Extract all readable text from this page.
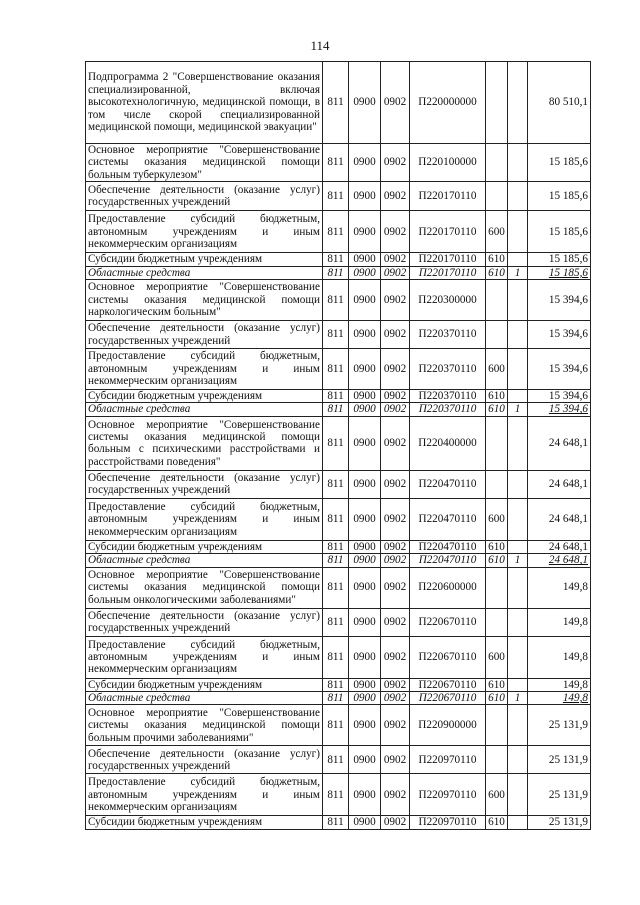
114
Подпрограмма 2 "Совершенствование оказания специализированной, включая высокотехнологичную, медицинской помощи, в том числе скорой специализированной медицинской помощи, медицинской эвакуации"	811	0900	0902	П220000000			80 510,1
Основное мероприятие "Совершенствование системы оказания медицинской помощи больным туберкулезом"	811	0900	0902	П220100000			15 185,6
Обеспечение деятельности (оказание услуг) государственных учреждений	811	0900	0902	П220170110			15 185,6
Предоставление субсидий бюджетным, автономным учреждениям и иным некоммерческим организациям	811	0900	0902	П220170110	600		15 185,6
Субсидии бюджетным учреждениям	811	0900	0902	П220170110	610		15 185,6
Областные средства	811	0900	0902	П220170110	610	1	15 185,6
Основное мероприятие "Совершенствование системы оказания медицинской помощи наркологическим больным"	811	0900	0902	П220300000			15 394,6
Обеспечение деятельности (оказание услуг) государственных учреждений	811	0900	0902	П220370110			15 394,6
Предоставление субсидий бюджетным, автономным учреждениям и иным некоммерческим организациям	811	0900	0902	П220370110	600		15 394,6
Субсидии бюджетным учреждениям	811	0900	0902	П220370110	610		15 394,6
Областные средства	811	0900	0902	П220370110	610	1	15 394,6
Основное мероприятие "Совершенствование системы оказания медицинской помощи больным с психическими расстройствами и расстройствами поведения"	811	0900	0902	П220400000			24 648,1
Обеспечение деятельности (оказание услуг) государственных учреждений	811	0900	0902	П220470110			24 648,1
Предоставление субсидий бюджетным, автономным учреждениям и иным некоммерческим организациям	811	0900	0902	П220470110	600		24 648,1
Субсидии бюджетным учреждениям	811	0900	0902	П220470110	610		24 648,1
Областные средства	811	0900	0902	П220470110	610	1	24 648,1
Основное мероприятие "Совершенствование системы оказания медицинской помощи больным онкологическими заболеваниями"	811	0900	0902	П220600000			149,8
Обеспечение деятельности (оказание услуг) государственных учреждений	811	0900	0902	П220670110			149,8
Предоставление субсидий бюджетным, автономным учреждениям и иным некоммерческим организациям	811	0900	0902	П220670110	600		149,8
Субсидии бюджетным учреждениям	811	0900	0902	П220670110	610		149,8
Областные средства	811	0900	0902	П220670110	610	1	149,8
Основное мероприятие "Совершенствование системы оказания медицинской помощи больным прочими заболеваниями"	811	0900	0902	П220900000			25 131,9
Обеспечение деятельности (оказание услуг) государственных учреждений	811	0900	0902	П220970110			25 131,9
Предоставление субсидий бюджетным, автономным учреждениям и иным некоммерческим организациям	811	0900	0902	П220970110	600		25 131,9
Субсидии бюджетным учреждениям	811	0900	0902	П220970110	610		25 131,9
